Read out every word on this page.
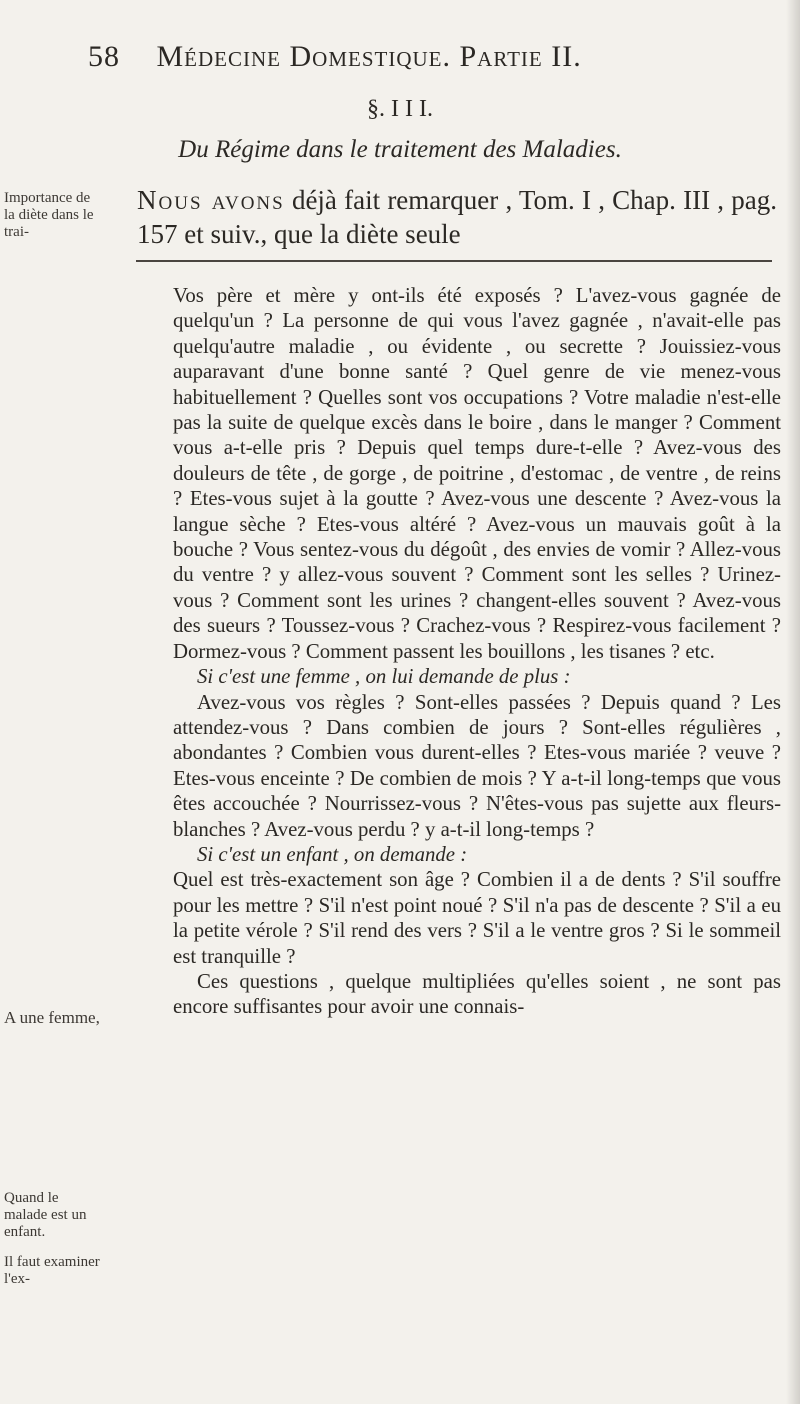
58 Médecine Domestique. Partie II.
§. I I I.
Du Régime dans le traitement des Maladies.
Importance de la diète dans le trai-
Nous avons déjà fait remarquer , Tom. I , Chap. III , pag. 157 et suiv., que la diète seule

Vos père et mère y ont-ils été exposés ? L'avez-vous gagnée de quelqu'un ? La personne de qui vous l'avez gagnée , n'avait-elle pas quelqu'autre maladie , ou évidente , ou secrette ? Jouissiez-vous auparavant d'une bonne santé ? Quel genre de vie menez-vous habituellement ? Quelles sont vos occupations ? Votre maladie n'est-elle pas la suite de quelque excès dans le boire , dans le manger ? Comment vous a-t-elle pris ? Depuis quel temps dure-t-elle ? Avez-vous des douleurs de tête , de gorge , de poitrine , d'estomac , de ventre , de reins ? Etes-vous sujet à la goutte ? Avez-vous une descente ? Avez-vous la langue sèche ? Etes-vous altéré ? Avez-vous un mauvais goût à la bouche ? Vous sentez-vous du dégoût , des envies de vomir ? Allez-vous du ventre ? y allez-vous souvent ? Comment sont les selles ? Urinez-vous ? Comment sont les urines ? changent-elles souvent ? Avez-vous des sueurs ? Toussez-vous ? Crachez-vous ? Respirez-vous facilement ? Dormez-vous ? Comment passent les bouillons , les tisanes ? etc.

Si c'est une femme , on lui demande de plus :

Avez-vous vos règles ? Sont-elles passées ? Depuis quand ? Les attendez-vous ? Dans combien de jours ? Sont-elles régulières , abondantes ? Combien vous durent-elles ? Etes-vous mariée ? veuve ? Etes-vous enceinte ? De combien de mois ? Y a-t-il long-temps que vous êtes accouchée ? Nourrissez-vous ? N'êtes-vous pas sujette aux fleurs-blanches ? Avez-vous perdu ? y a-t-il long-temps ?

Si c'est un enfant , on demande :

Quel est très-exactement son âge ? Combien il a de dents ? S'il souffre pour les mettre ? S'il n'est point noué ? S'il n'a pas de descente ? S'il a eu la petite vérole ? S'il rend des vers ? S'il a le ventre gros ? Si le sommeil est tranquille ?

Ces questions , quelque multipliées qu'elles soient , ne sont pas encore suffisantes pour avoir une connais-

A une femme,
Quand le malade est un enfant.
Il faut examiner l'ex-
